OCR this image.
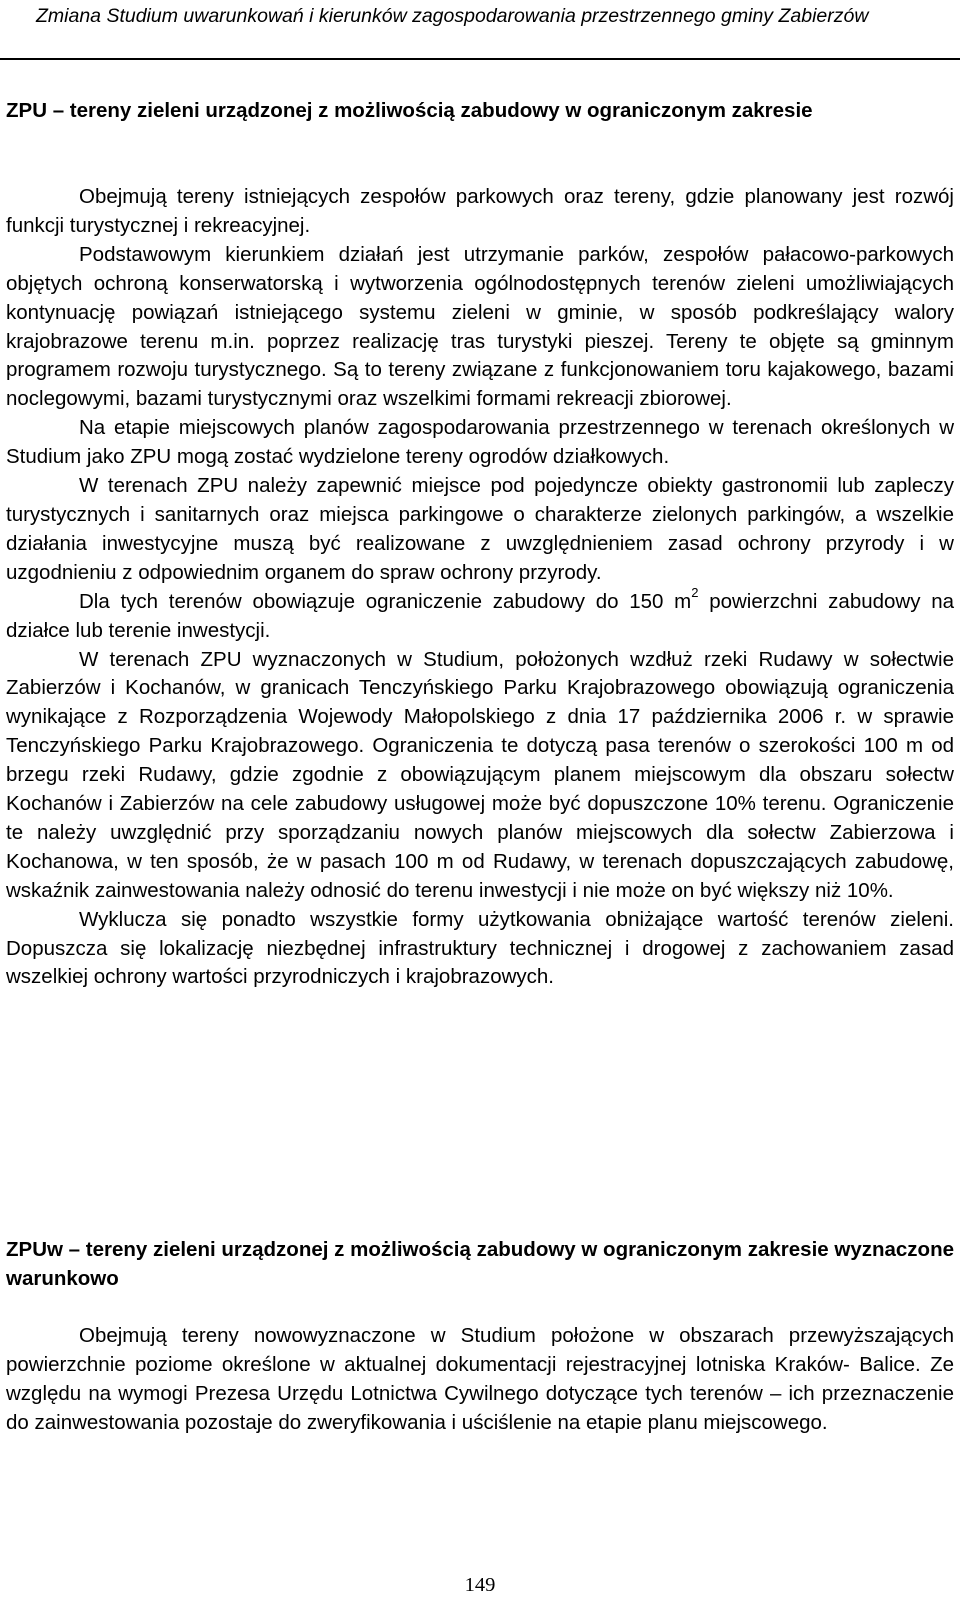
Zmiana Studium uwarunkowań i kierunków zagospodarowania przestrzennego gminy Zabierzów
ZPU – tereny zieleni urządzonej z możliwością zabudowy w ograniczonym zakresie

Obejmują tereny istniejących zespołów parkowych oraz tereny, gdzie planowany jest rozwój funkcji turystycznej i rekreacyjnej.

Podstawowym kierunkiem działań jest utrzymanie parków, zespołów pałacowo-parkowych objętych ochroną konserwatorską i wytworzenia ogólnodostępnych terenów zieleni umożliwiających kontynuację powiązań istniejącego systemu zieleni w gminie, w sposób podkreślający walory krajobrazowe terenu m.in. poprzez realizację tras turystyki pieszej. Tereny te objęte są gminnym programem rozwoju turystycznego. Są to tereny związane z funkcjonowaniem toru kajakowego, bazami noclegowymi, bazami turystycznymi oraz wszelkimi formami rekreacji zbiorowej.

Na etapie miejscowych planów zagospodarowania przestrzennego w terenach określonych w Studium jako ZPU mogą zostać wydzielone tereny ogrodów działkowych.

W terenach ZPU należy zapewnić miejsce pod pojedyncze obiekty gastronomii lub zapleczy turystycznych i sanitarnych oraz miejsca parkingowe o charakterze zielonych parkingów, a wszelkie działania inwestycyjne muszą być realizowane z uwzględnieniem zasad ochrony przyrody i w uzgodnieniu z odpowiednim organem do spraw ochrony przyrody.

Dla tych terenów obowiązuje ograniczenie zabudowy do 150 $m^2$ powierzchni zabudowy na działce lub terenie inwestycji.

W terenach ZPU wyznaczonych w Studium, położonych wzdłuż rzeki Rudawy w sołectwie Zabierzów i Kochanów, w granicach Tenczyńskiego Parku Krajobrazowego obowiązują ograniczenia wynikające z Rozporządzenia Wojewody Małopolskiego z dnia 17 października 2006 r. w sprawie Tenczyńskiego Parku Krajobrazowego. Ograniczenia te dotyczą pasa terenów o szerokości 100 m od brzegu rzeki Rudawy, gdzie zgodnie z obowiązującym planem miejscowym dla obszaru sołectw Kochanów i Zabierzów na cele zabudowy usługowej może być dopuszczone 10% terenu. Ograniczenie te należy uwzględnić przy sporządzaniu nowych planów miejscowych dla sołectw Zabierzowa i Kochanowa, w ten sposób, że w pasach 100 m od Rudawy, w terenach dopuszczających zabudowę, wskaźnik zainwestowania należy odnosić do terenu inwestycji i nie może on być większy niż 10%.

Wyklucza się ponadto wszystkie formy użytkowania obniżające wartość terenów zieleni. Dopuszcza się lokalizację niezbędnej infrastruktury technicznej i drogowej z zachowaniem zasad wszelkiej ochrony wartości przyrodniczych i krajobrazowych.

ZPUw – tereny zieleni urządzonej z możliwością zabudowy w ograniczonym zakresie wyznaczone warunkowo

Obejmują tereny nowowyznaczone w Studium położone w obszarach przewyższających powierzchnie poziome określone w aktualnej dokumentacji rejestracyjnej lotniska Kraków- Balice. Ze względu na wymogi Prezesa Urzędu Lotnictwa Cywilnego dotyczące tych terenów – ich przeznaczenie do zainwestowania pozostaje do zweryfikowania i uściślenie na etapie planu miejscowego.

149
